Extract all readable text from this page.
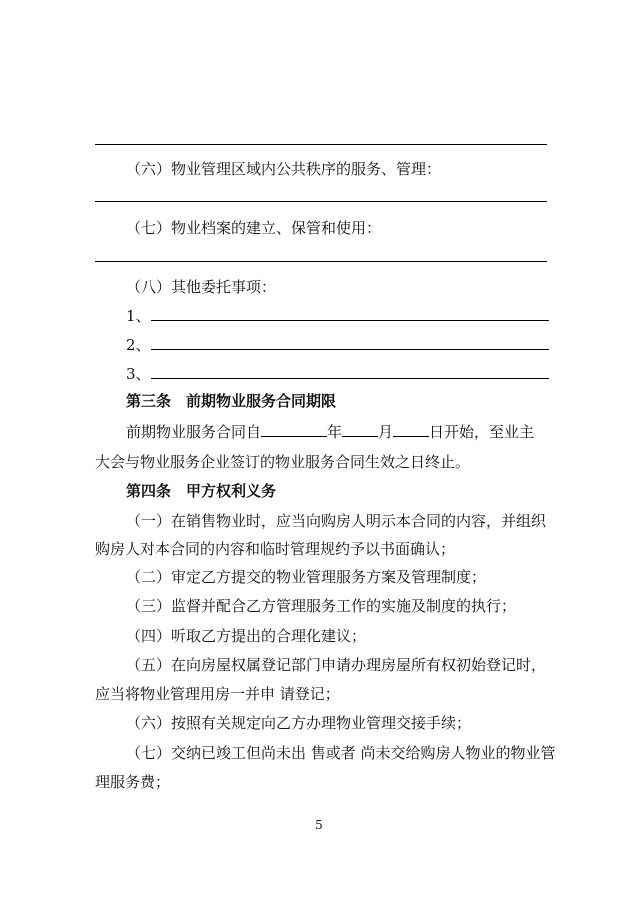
（六）物业管理区域内公共秩序的服务、管理：
（七）物业档案的建立、保管和使用：
（八）其他委托事项：
1、
2、
3、
第三条　前期物业服务合同期限
前期物业服务合同自	年 月 日开始，至业主
大会与物业服务企业签订的物业服务合同生效之日终止。
第四条　甲方权利义务
（一）在销售物业时，应当向购房人明示本合同的内容，并组织
购房人对本合同的内容和临时管理规约予以书面确认；
（二）审定乙方提交的物业管理服务方案及管理制度；
（三）监督并配合乙方管理服务工作的实施及制度的执行；
（四）听取乙方提出的合理化建议；
（五）在向房屋权属登记部门申请办理房屋所有权初始登记时，
应当将物业管理用房一并申 请登记；
（六）按照有关规定向乙方办理物业管理交接手续；
（七）交纳已竣工但尚未出 售或者 尚未交给购房人物业的物业管
理服务费；
5
